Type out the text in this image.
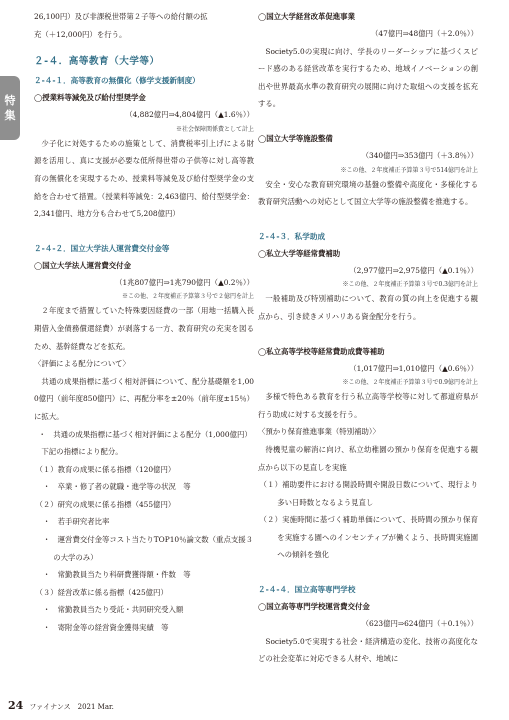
特
集
26,100円）及び非課税世帯第２子等への給付額の拡
充（＋12,000円）を行う。
２‐４．高等教育（大学等）
２‐４‐１．高等教育の無償化（修学支援新制度）
◯授業料等減免及び給付型奨学金
（4,882億円⇒4,804億円（▲1.6％））
※社会保障関係費として計上
少子化に対処するための施策として、消費税率引上げによる財源を活用し、真に支援が必要な低所得世帯の子供等に対し高等教育の無償化を実現するため、授業料等減免及び給付型奨学金の支給を合わせて措置。（授業料等減免：2,463億円、給付型奨学金：2,341億円、地方分も合わせて5,208億円）
２‐４‐２．国立大学法人運営費交付金等
◯国立大学法人運営費交付金
（1兆807億円⇒1兆790億円（▲0.2％））
※この他、２年度補正予算第３号で２億円を計上
２年度まで措置していた特殊要因経費の一部（用地一括購入長期借入金債務償還経費）が剥落する一方、教育研究の充実を図るため、基幹経費などを拡充。
〈評価による配分について〉
共通の成果指標に基づく相対評価について、配分基礎額を1,000億円（前年度850億円）に、再配分率を±20％（前年度±15％）に拡大。
・　共通の成果指標に基づく相対評価による配分（1,000億円）
下記の指標により配分。
（１）教育の成果に係る指標（120億円）
・　卒業・修了者の就職・進学等の状況　等
（２）研究の成果に係る指標（455億円）
・　若手研究者比率
・　運営費交付金等コスト当たりTOP10％論文数（重点支援３の大学のみ）
・　常勤教員当たり科研費獲得額・件数　等
（３）経営改革に係る指標（425億円）
・　常勤教員当たり受託・共同研究受入額
・　寄附金等の経営資金獲得実績　等
◯国立大学経営改革促進事業
（47億円⇒48億円（＋2.0％））
Society5.0の実現に向け、学長のリーダーシップに基づくスピード感のある経営改革を実行するため、地域イノベーションの創出や世界最高水準の教育研究の展開に向けた取組への支援を拡充する。
◯国立大学等施設整備
（340億円⇒353億円（＋3.8％））
※この他、２年度補正予算第３号で514億円を計上
安全・安心な教育研究環境の基盤の整備や高度化・多様化する教育研究活動への対応として国立大学等の施設整備を推進する。
２‐４‐３．私学助成
◯私立大学等経常費補助
（2,977億円⇒2,975億円（▲0.1％））
※この他、２年度補正予算第３号で0.3億円を計上
一般補助及び特別補助について、教育の質の向上を促進する観点から、引き続きメリハリある資金配分を行う。
◯私立高等学校等経常費助成費等補助
（1,017億円⇒1,010億円（▲0.6％））
※この他、２年度補正予算第３号で0.9億円を計上
多様で特色ある教育を行う私立高等学校等に対して都道府県が行う助成に対する支援を行う。
〈預かり保育推進事業（特別補助）〉
待機児童の解消に向け、私立幼稚園の預かり保育を促進する観点から以下の見直しを実施
（１）補助要件における開設時間や開設日数について、現行より多い日時数となるよう見直し
（２）実施時間に基づく補助単価について、長時間の預かり保育を実施する園へのインセンティブが働くよう、長時間実施園への傾斜を強化
２‐４‐４．国立高等専門学校
◯国立高等専門学校運営費交付金
（623億円⇒624億円（＋0.1％））
Society5.0で実現する社会・経済構造の変化、技術の高度化などの社会変革に対応できる人材や、地域に
24 ファイナンス　2021 Mar.
